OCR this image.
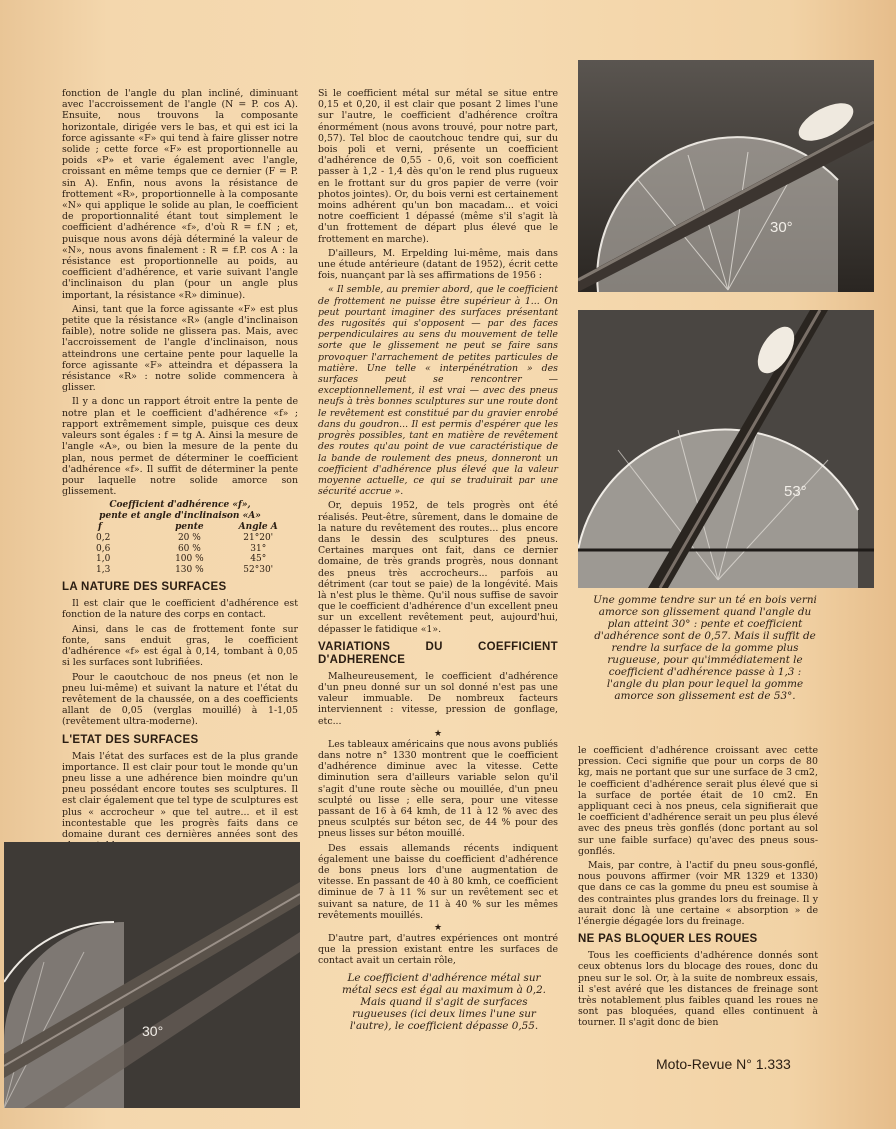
fonction de l'angle du plan incliné, diminuant avec l'accroissement de l'angle (N = P. cos A). Ensuite, nous trouvons la composante horizontale, dirigée vers le bas, et qui est ici la force agissante «F» qui tend à faire glisser notre solide ; cette force «F» est proportionnelle au poids «P» et varie également avec l'angle, croissant en même temps que ce dernier (F = P. sin A). Enfin, nous avons la résistance de frottement «R», proportionnelle à la composante «N» qui applique le solide au plan, le coefficient de proportionnalité étant tout simplement le coefficient d'adhérence «f», d'où R = f.N ; et, puisque nous avons déjà déterminé la valeur de «N», nous avons finalement : R = f.P. cos A : la résistance est proportionnelle au poids, au coefficient d'adhérence, et varie suivant l'angle d'inclinaison du plan (pour un angle plus important, la résistance «R» diminue).

Ainsi, tant que la force agissante «F» est plus petite que la résistance «R» (angle d'inclinaison faible), notre solide ne glissera pas. Mais, avec l'accroissement de l'angle d'inclinaison, nous atteindrons une certaine pente pour laquelle la force agissante «F» atteindra et dépassera la résistance «R» : notre solide commencera à glisser.

Il y a donc un rapport étroit entre la pente de notre plan et le coefficient d'adhérence «f» ; rapport extrêmement simple, puisque ces deux valeurs sont égales : f = tg A. Ainsi la mesure de l'angle «A», ou bien la mesure de la pente du plan, nous permet de déterminer le coefficient d'adhérence «f». Il suffit de déterminer la pente pour laquelle notre solide amorce son glissement.

Coefficient d'adhérence «f»,
pente et angle d'inclinaison «A»
f	pente	Angle A
0,2	20 %	21°20'
0,6	60 %	31°
1,0	100 %	45°
1,3	130 %	52°30'
LA NATURE DES SURFACES

Il est clair que le coefficient d'adhérence est fonction de la nature des corps en contact.

Ainsi, dans le cas de frottement fonte sur fonte, sans enduit gras, le coefficient d'adhérence «f» est égal à 0,14, tombant à 0,05 si les surfaces sont lubrifiées.

Pour le caoutchouc de nos pneus (et non le pneu lui-même) et suivant la nature et l'état du revêtement de la chaussée, on a des coefficients allant de 0,05 (verglas mouillé) à 1-1,05 (revêtement ultra-moderne).

L'ETAT DES SURFACES

Mais l'état des surfaces est de la plus grande importance. Il est clair pour tout le monde qu'un pneu lisse a une adhérence bien moindre qu'un pneu possédant encore toutes ses sculptures. Il est clair également que tel type de sculptures est plus « accrocheur » que tel autre... et il est incontestable que les progrès faits dans ce domaine durant ces dernières années sont des

Si le coefficient métal sur métal se situe entre 0,15 et 0,20, il est clair que posant 2 limes l'une sur l'autre, le coefficient d'adhérence croîtra énormément (nous avons trouvé, pour notre part, 0,57). Tel bloc de caoutchouc tendre qui, sur du bois poli et verni, présente un coefficient d'adhérence de 0,55 - 0,6, voit son coefficient passer à 1,2 - 1,4 dès qu'on le rend plus rugueux en le frottant sur du gros papier de verre (voir photos jointes). Or, du bois verni est certainement moins adhérent qu'un bon macadam... et voici notre coefficient 1 dépassé (même s'il s'agit là d'un frottement de départ plus élevé que le frottement en marche).

D'ailleurs, M. Erpelding lui-même, mais dans une étude antérieure (datant de 1952), écrit cette fois, nuançant par là ses affirmations de 1956 :

« Il semble, au premier abord, que le coefficient de frottement ne puisse être supérieur à 1... On peut pourtant imaginer des surfaces présentant des rugosités qui s'opposent — par des faces perpendiculaires au sens du mouvement de telle sorte que le glissement ne peut se faire sans provoquer l'arrachement de petites particules de matière. Une telle « interpénétration » des surfaces peut se rencontrer — exceptionnellement, il est vrai — avec des pneus neufs à très bonnes sculptures sur une route dont le revêtement est constitué par du gravier enrobé dans du goudron... Il est permis d'espérer que les progrès possibles, tant en matière de revêtement des routes qu'au point de vue caractéristique de la bande de roulement des pneus, donneront un coefficient d'adhérence plus élevé que la valeur moyenne actuelle, ce qui se traduirait par une sécurité accrue ».

Or, depuis 1952, de tels progrès ont été réalisés. Peut-être, sûrement, dans le domaine de la nature du revêtement des routes... plus encore dans le dessin des sculptures des pneus. Certaines marques ont fait, dans ce dernier domaine, de très grands progrès, nous donnant des pneus très accrocheurs... parfois au détriment (car tout se paie) de la longévité. Mais là n'est plus le thème. Qu'il nous suffise de savoir que le coefficient d'adhérence d'un excellent pneu sur un excellent revêtement peut, aujourd'hui, dépasser le fatidique «1».

VARIATIONS DU COEFFICIENT D'ADHERENCE

Malheureusement, le coefficient d'adhérence d'un pneu donné sur un sol donné n'est pas une valeur immuable. De nombreux facteurs interviennent : vitesse, pression de gonflage, etc...

★

Les tableaux américains que nous avons publiés dans notre n° 1330 montrent que le coefficient d'adhérence diminue avec la vitesse. Cette diminution sera d'ailleurs variable selon qu'il s'agit d'une route sèche ou mouillée, d'un pneu sculpté ou lisse ; elle sera, pour une vitesse passant de 16 à 64 kmh, de 11 à 12 % avec des pneus sculptés sur béton sec, de 44 % pour des pneus lisses sur béton mouillé.

Des essais allemands récents indiquent également une baisse du coefficient d'adhérence de bons pneus lors d'une augmentation de vitesse. En passant de 40 à 80 kmh, ce coefficient diminue de 7 à 11 % sur un revêtement sec et suivant sa nature, de 11 à 40 % sur les mêmes revêtements mouillés.

★

D'autre part, d'autres expériences ont montré que la pression existant entre les surfaces de contact avait un certain rôle,

le coefficient d'adhérence croissant avec cette pression. Ceci signifie que pour un corps de 80 kg, mais ne portant que sur une surface de 3 cm2, le coefficient d'adhérence serait plus élevé que si la surface de portée était de 10 cm2. En appliquant ceci à nos pneus, cela signifierait que le coefficient d'adhérence serait un peu plus élevé avec des pneus très gonflés (donc portant au sol sur une faible surface) qu'avec des pneus sous-gonflés.

Mais, par contre, à l'actif du pneu sous-gonflé, nous pouvons affirmer (voir MR 1329 et 1330) que dans ce cas la gomme du pneu est soumise à des contraintes plus grandes lors du freinage. Il y aurait donc là une certaine « absorption » de l'énergie dégagée lors du freinage.

NE PAS BLOQUER LES ROUES

Tous les coefficients d'adhérence donnés sont ceux obtenus lors du blocage des roues, donc du pneu sur le sol. Or, à la suite de nombreux essais, il s'est avéré que les distances de freinage sont très notablement plus faibles quand les roues ne sont pas bloquées, quand elles continuent à tourner. Il s'agit donc de bien

30°
53°
Une gomme tendre sur un té en bois verni amorce son glissement quand l'angle du plan atteint 30° : pente et coefficient d'adhérence sont de 0,57. Mais il suffit de rendre la surface de la gomme plus rugueuse, pour qu'immédiatement le coefficient d'adhérence passe à 1,3 : l'angle du plan pour lequel la gomme amorce son glissement est de 53°.
30°
Le coefficient d'adhérence métal sur métal secs est égal au maximum à 0,2. Mais quand il s'agit de surfaces rugueuses (ici deux limes l'une sur l'autre), le coefficient dépasse 0,55.
Moto-Revue N° 1.333
